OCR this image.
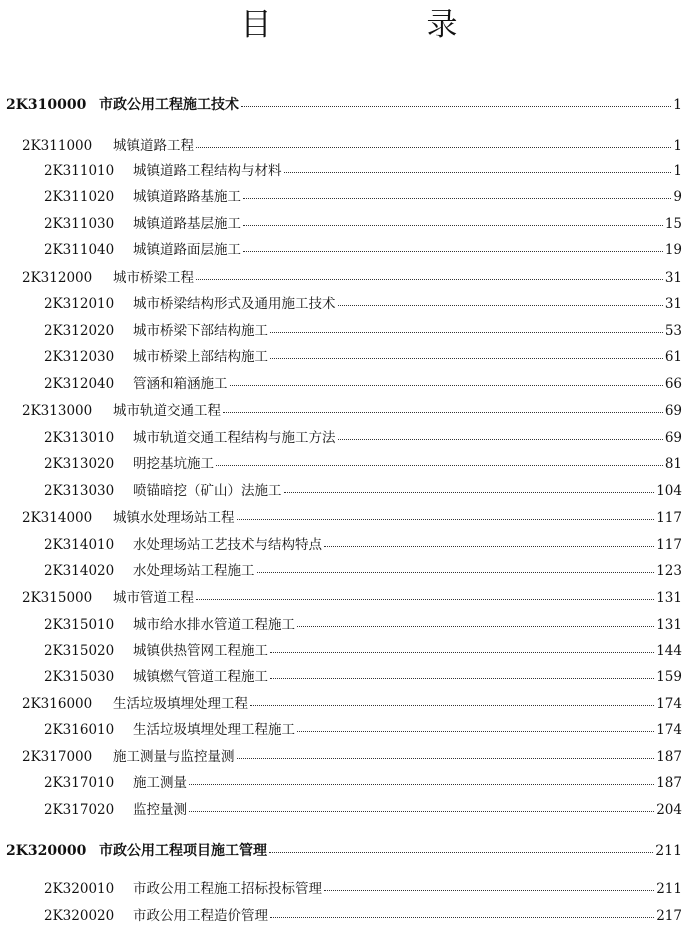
目　录
2K310000 市政公用工程施工技术	1
2K311000	城镇道路工程	1
2K311010	城镇道路工程结构与材料	1
2K311020	城镇道路路基施工	9
2K311030	城镇道路基层施工	15
2K311040	城镇道路面层施工	19
2K312000	城市桥梁工程	31
2K312010	城市桥梁结构形式及通用施工技术	31
2K312020	城市桥梁下部结构施工	53
2K312030	城市桥梁上部结构施工	61
2K312040	管涵和箱涵施工	66
2K313000	城市轨道交通工程	69
2K313010	城市轨道交通工程结构与施工方法	69
2K313020	明挖基坑施工	81
2K313030	喷锚暗挖（矿山）法施工	104
2K314000	城镇水处理场站工程	117
2K314010	水处理场站工艺技术与结构特点	117
2K314020	水处理场站工程施工	123
2K315000	城市管道工程	131
2K315010	城市给水排水管道工程施工	131
2K315020	城镇供热管网工程施工	144
2K315030	城镇燃气管道工程施工	159
2K316000	生活垃圾填埋处理工程	174
2K316010	生活垃圾填埋处理工程施工	174
2K317000	施工测量与监控量测	187
2K317010	施工测量	187
2K317020	监控量测	204
2K320000 市政公用工程项目施工管理	211
2K320010	市政公用工程施工招标投标管理	211
2K320020	市政公用工程造价管理	217
